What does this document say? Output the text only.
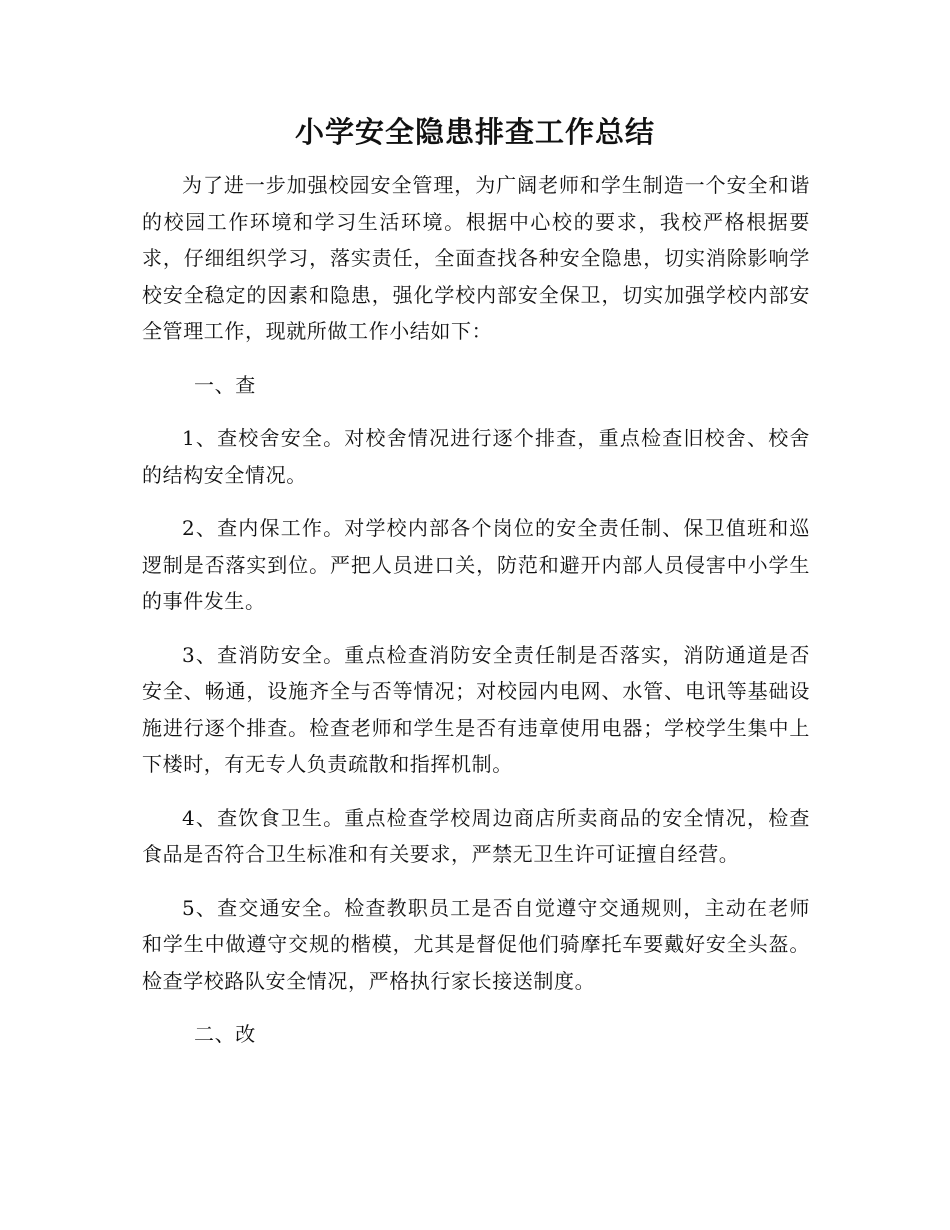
小学安全隐患排查工作总结

为了进一步加强校园安全管理，为广阔老师和学生制造一个安全和谐的校园工作环境和学习生活环境。根据中心校的要求，我校严格根据要求，仔细组织学习，落实责任，全面查找各种安全隐患，切实消除影响学校安全稳定的因素和隐患，强化学校内部安全保卫，切实加强学校内部安全管理工作，现就所做工作小结如下：

一、查

1、查校舍安全。对校舍情况进行逐个排查，重点检查旧校舍、校舍的结构安全情况。

2、查内保工作。对学校内部各个岗位的安全责任制、保卫值班和巡逻制是否落实到位。严把人员进口关，防范和避开内部人员侵害中小学生的事件发生。

3、查消防安全。重点检查消防安全责任制是否落实，消防通道是否安全、畅通，设施齐全与否等情况；对校园内电网、水管、电讯等基础设施进行逐个排查。检查老师和学生是否有违章使用电器；学校学生集中上下楼时，有无专人负责疏散和指挥机制。

4、查饮食卫生。重点检查学校周边商店所卖商品的安全情况，检查食品是否符合卫生标准和有关要求，严禁无卫生许可证擅自经营。

5、查交通安全。检查教职员工是否自觉遵守交通规则，主动在老师和学生中做遵守交规的楷模，尤其是督促他们骑摩托车要戴好安全头盔。检查学校路队安全情况，严格执行家长接送制度。

二、改
